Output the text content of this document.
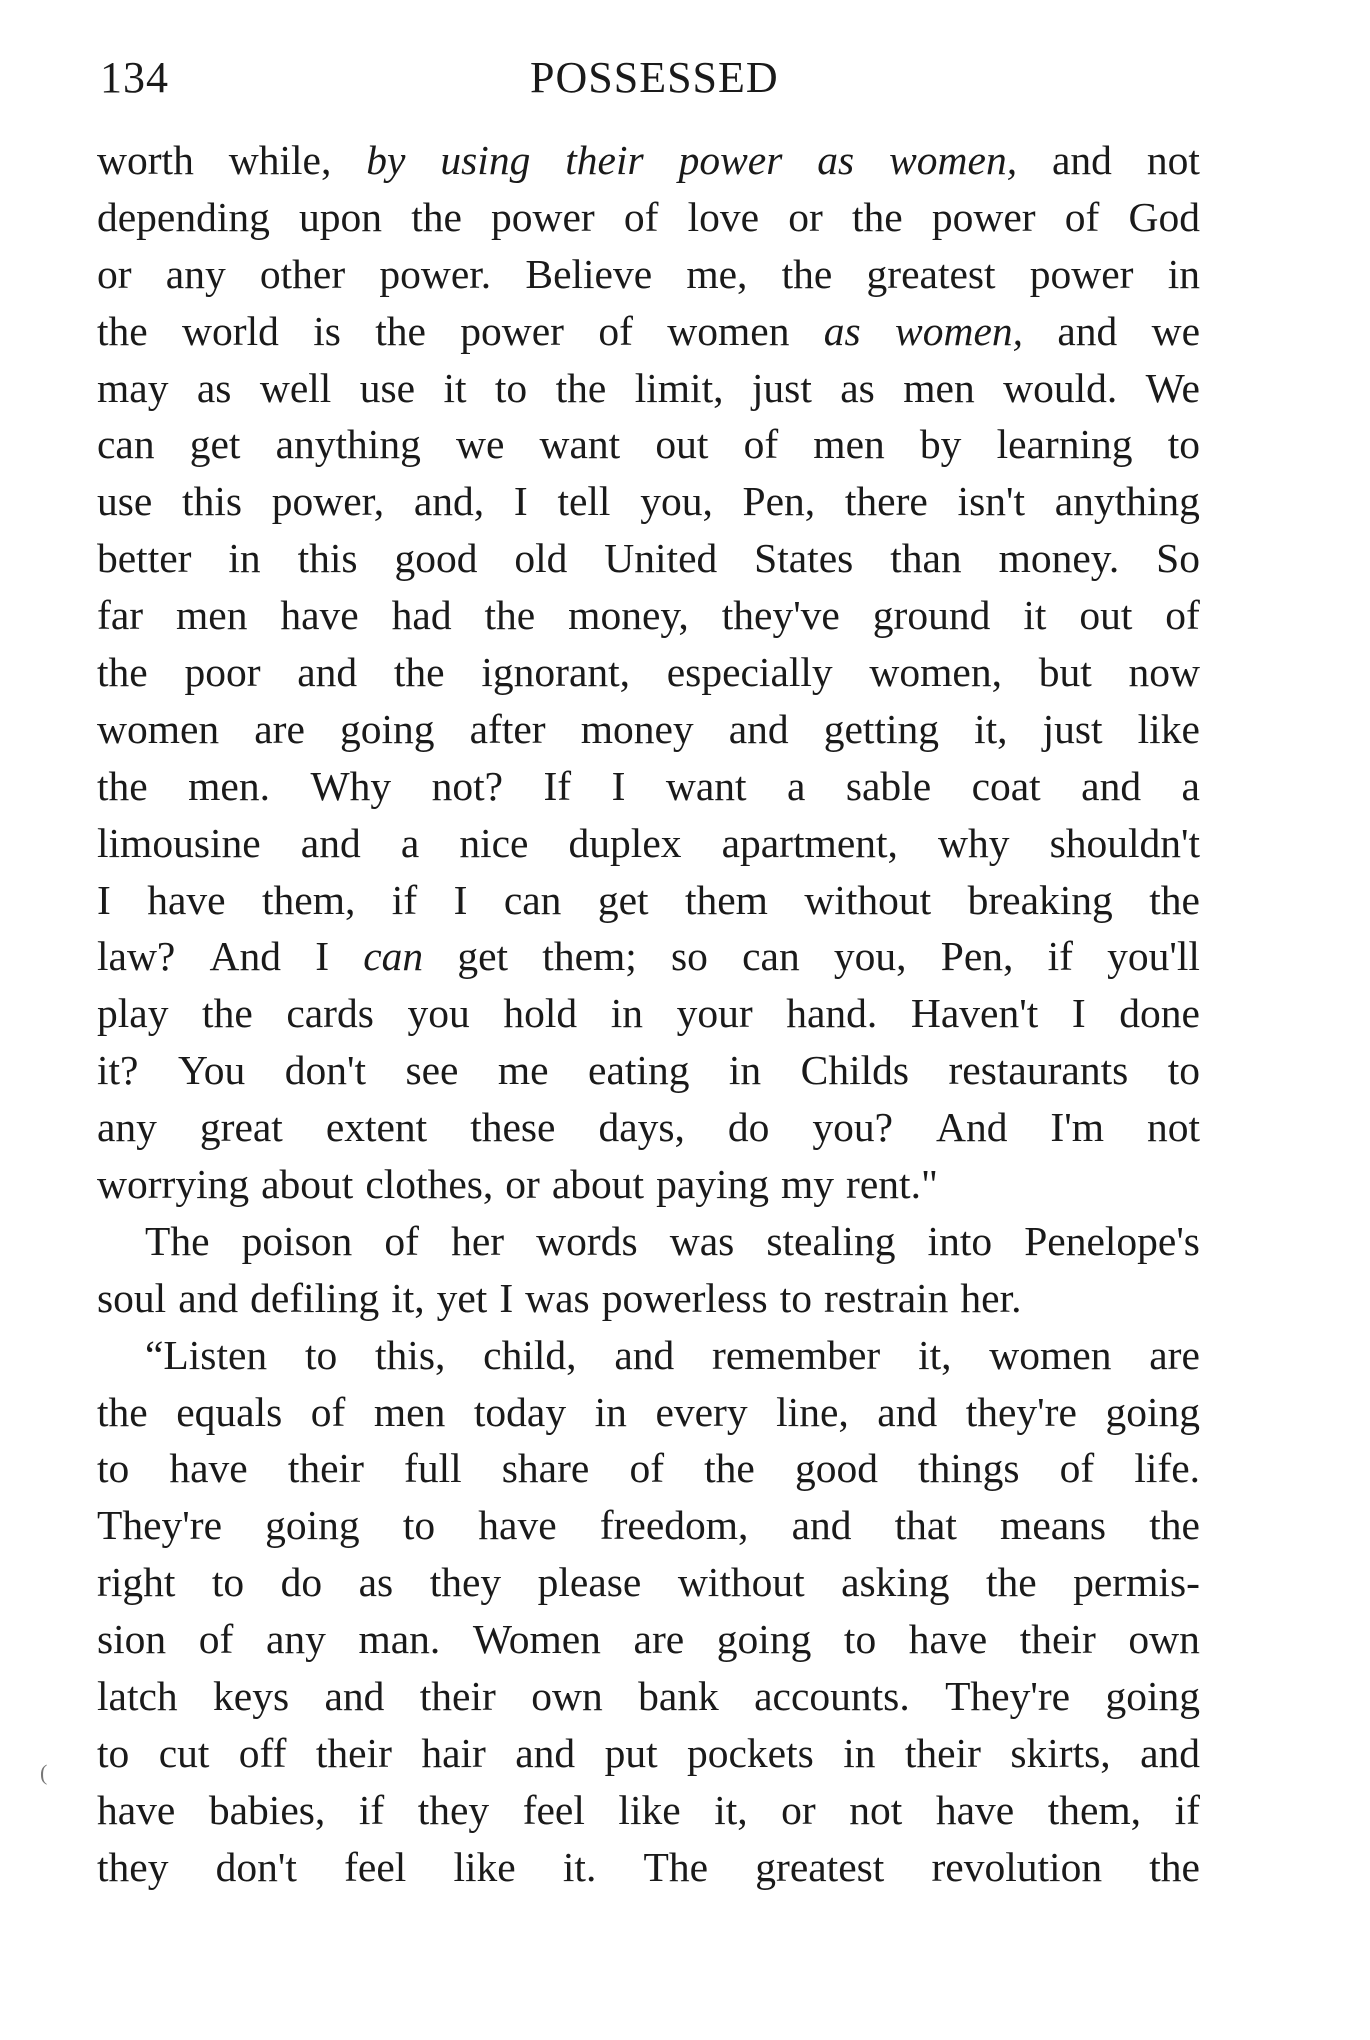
134	POSSESSED
worth while, by using their power as women, and not
depending upon the power of love or the power of God
or any other power. Believe me, the greatest power in
the world is the power of women as women, and we
may as well use it to the limit, just as men would. We
can get anything we want out of men by learning to
use this power, and, I tell you, Pen, there isn't anything
better in this good old United States than money. So
far men have had the money, they've ground it out of
the poor and the ignorant, especially women, but now
women are going after money and getting it, just like
the men. Why not? If I want a sable coat and a
limousine and a nice duplex apartment, why shouldn't
I have them, if I can get them without breaking the
law? And I can get them; so can you, Pen, if you'll
play the cards you hold in your hand. Haven't I done
it? You don't see me eating in Childs restaurants to
any great extent these days, do you? And I'm not
worrying about clothes, or about paying my rent."
The poison of her words was stealing into Penelope's
soul and defiling it, yet I was powerless to restrain her.
“Listen to this, child, and remember it, women are
the equals of men today in every line, and they're going
to have their full share of the good things of life.
They're going to have freedom, and that means the
right to do as they please without asking the permis-
sion of any man. Women are going to have their own
latch keys and their own bank accounts. They're going
to cut off their hair and put pockets in their skirts, and
have babies, if they feel like it, or not have them, if
they don't feel like it. The greatest revolution the
(
